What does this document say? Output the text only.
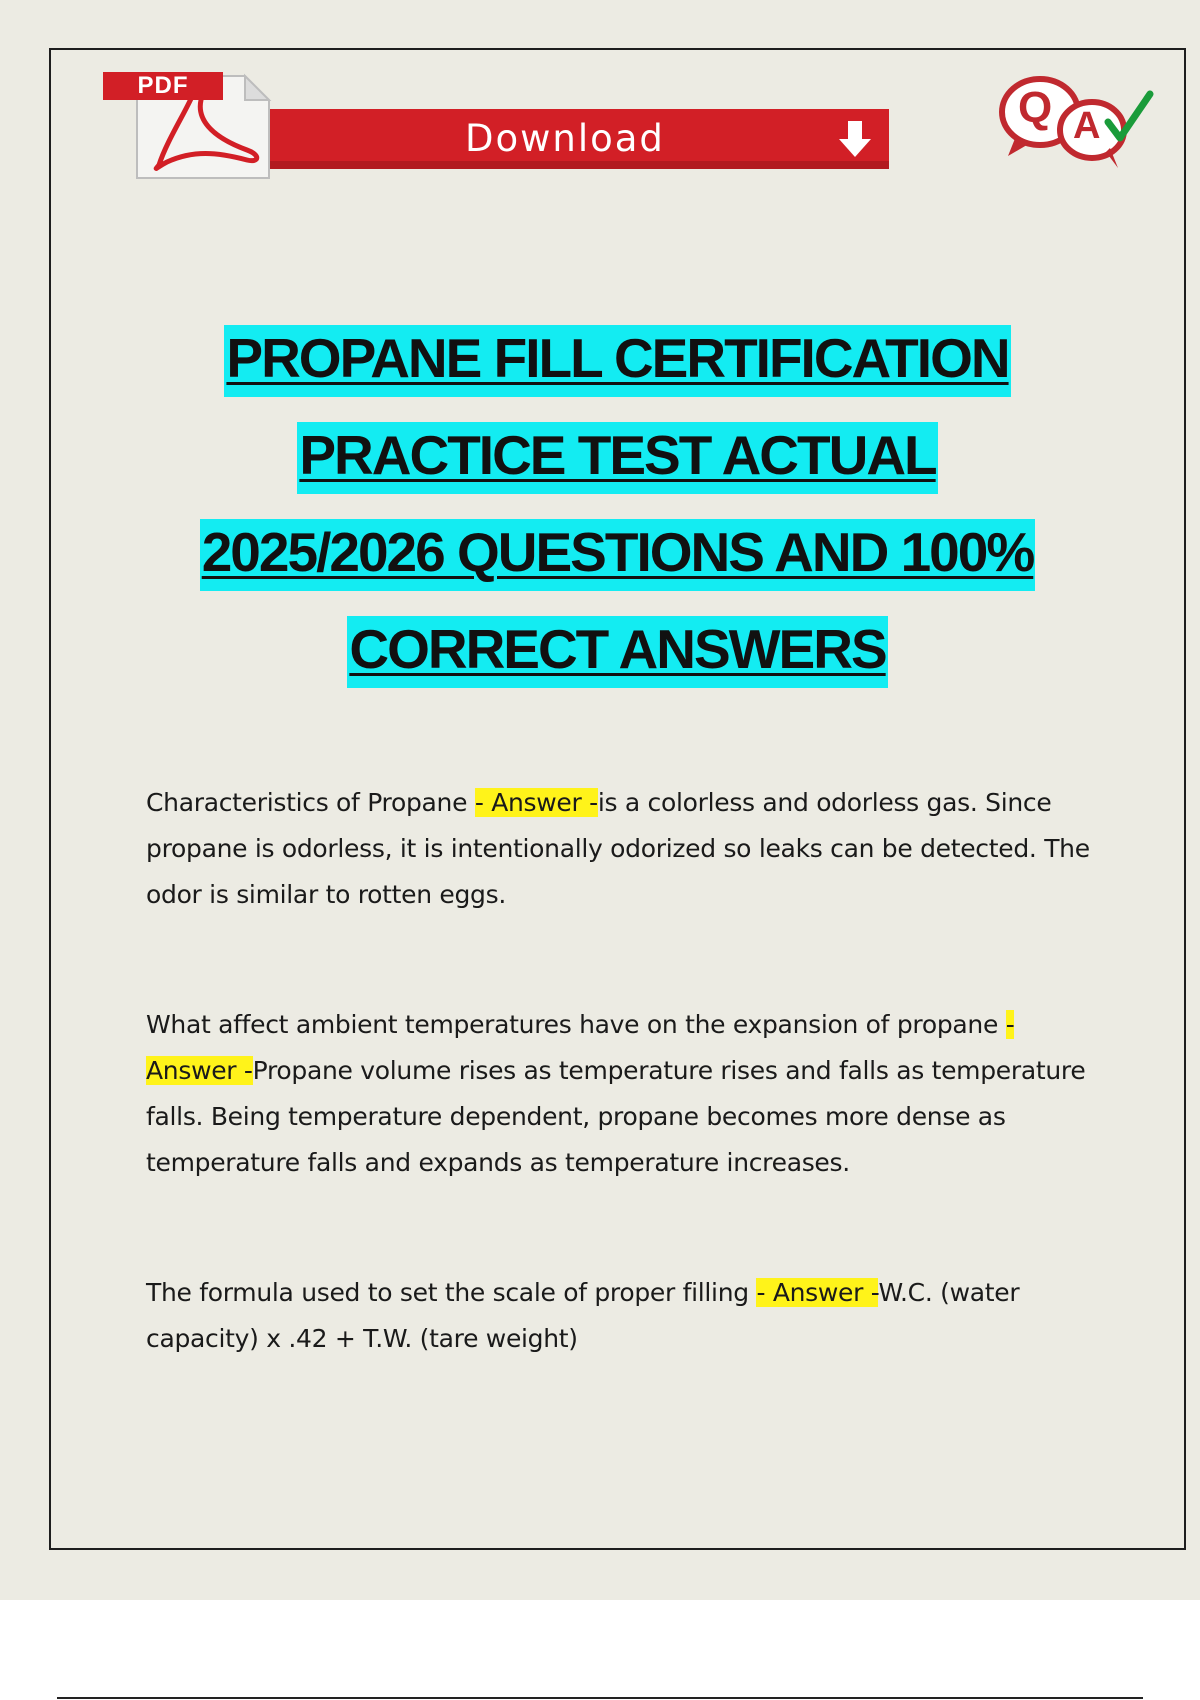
Download
PDF	Q A
PROPANE FILL CERTIFICATION
PRACTICE TEST ACTUAL
2025/2026 QUESTIONS AND 100%
CORRECT ANSWERS

Characteristics of Propane - Answer -is a colorless and odorless gas. Since propane is odorless, it is intentionally odorized so leaks can be detected. The odor is similar to rotten eggs.

What affect ambient temperatures have on the expansion of propane - Answer -Propane volume rises as temperature rises and falls as temperature falls. Being temperature dependent, propane becomes more dense as temperature falls and expands as temperature increases.

The formula used to set the scale of proper filling - Answer -W.C. (water capacity) x .42 + T.W. (tare weight)
